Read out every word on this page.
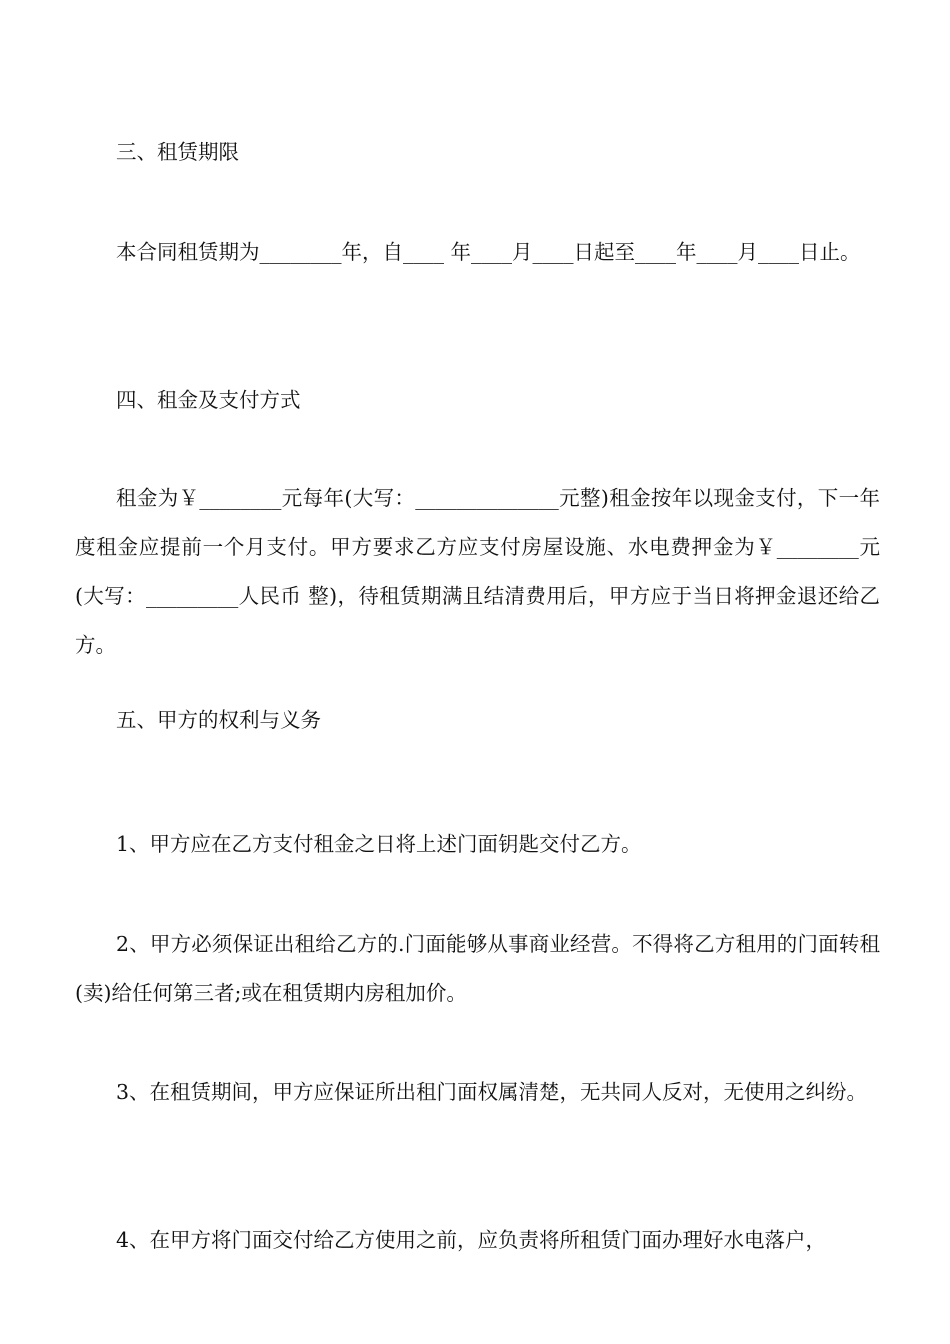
三、租赁期限

本合同租赁期为________年，自____ 年____月____日起至____年____月____日止。

四、租金及支付方式

租金为￥________元每年(大写：______________元整)租金按年以现金支付，下一年度租金应提前一个月支付。甲方要求乙方应支付房屋设施、水电费押金为￥________元(大写：_________人民币 整)，待租赁期满且结清费用后，甲方应于当日将押金退还给乙方。

五、甲方的权利与义务

1、甲方应在乙方支付租金之日将上述门面钥匙交付乙方。

2、甲方必须保证出租给乙方的.门面能够从事商业经营。不得将乙方租用的门面转租(卖)给任何第三者;或在租赁期内房租加价。

3、在租赁期间，甲方应保证所出租门面权属清楚，无共同人反对，无使用之纠纷。

4、在甲方将门面交付给乙方使用之前，应负责将所租赁门面办理好水电落户，
